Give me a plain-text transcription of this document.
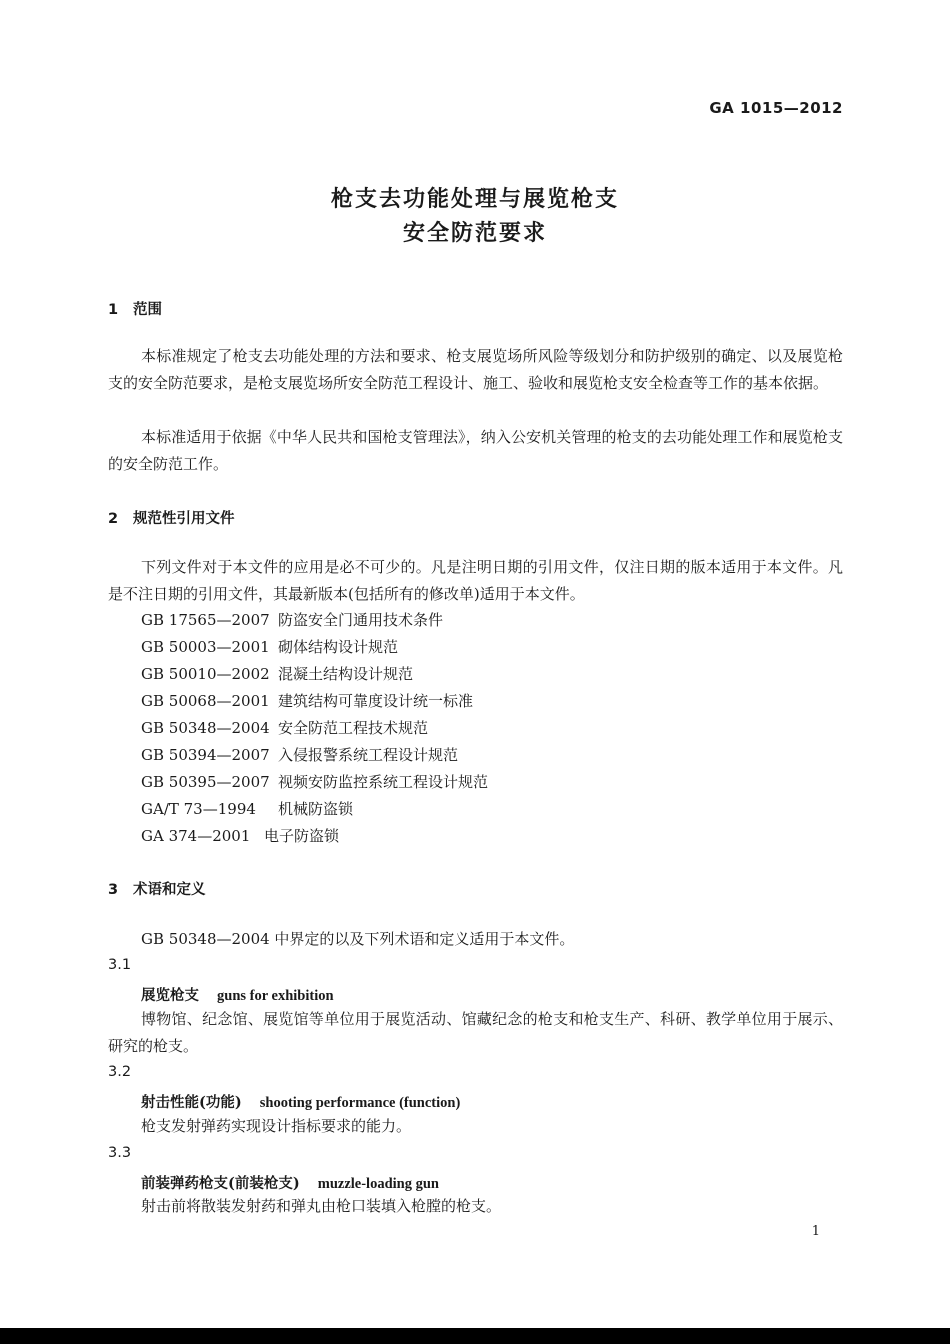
GA 1015—2012
枪支去功能处理与展览枪支
安全防范要求
1 范围
本标准规定了枪支去功能处理的方法和要求、枪支展览场所风险等级划分和防护级别的确定、以及展览枪支的安全防范要求，是枪支展览场所安全防范工程设计、施工、验收和展览枪支安全检查等工作的基本依据。
本标准适用于依据《中华人民共和国枪支管理法》，纳入公安机关管理的枪支的去功能处理工作和展览枪支的安全防范工作。
2 规范性引用文件
下列文件对于本文件的应用是必不可少的。凡是注明日期的引用文件，仅注日期的版本适用于本文件。凡是不注日期的引用文件，其最新版本(包括所有的修改单)适用于本文件。
GB 17565—2007 防盗安全门通用技术条件
GB 50003—2001 砌体结构设计规范
GB 50010—2002 混凝土结构设计规范
GB 50068—2001 建筑结构可靠度设计统一标准
GB 50348—2004 安全防范工程技术规范
GB 50394—2007 入侵报警系统工程设计规范
GB 50395—2007 视频安防监控系统工程设计规范
GA/T 73—1994 机械防盗锁
GA 374—2001 电子防盗锁
3 术语和定义
GB 50348—2004 中界定的以及下列术语和定义适用于本文件。
3.1
展览枪支 guns for exhibition
博物馆、纪念馆、展览馆等单位用于展览活动、馆藏纪念的枪支和枪支生产、科研、教学单位用于展示、研究的枪支。
3.2
射击性能(功能) shooting performance (function)
枪支发射弹药实现设计指标要求的能力。
3.3
前装弹药枪支(前装枪支) muzzle-loading gun
射击前将散装发射药和弹丸由枪口装填入枪膛的枪支。
1
